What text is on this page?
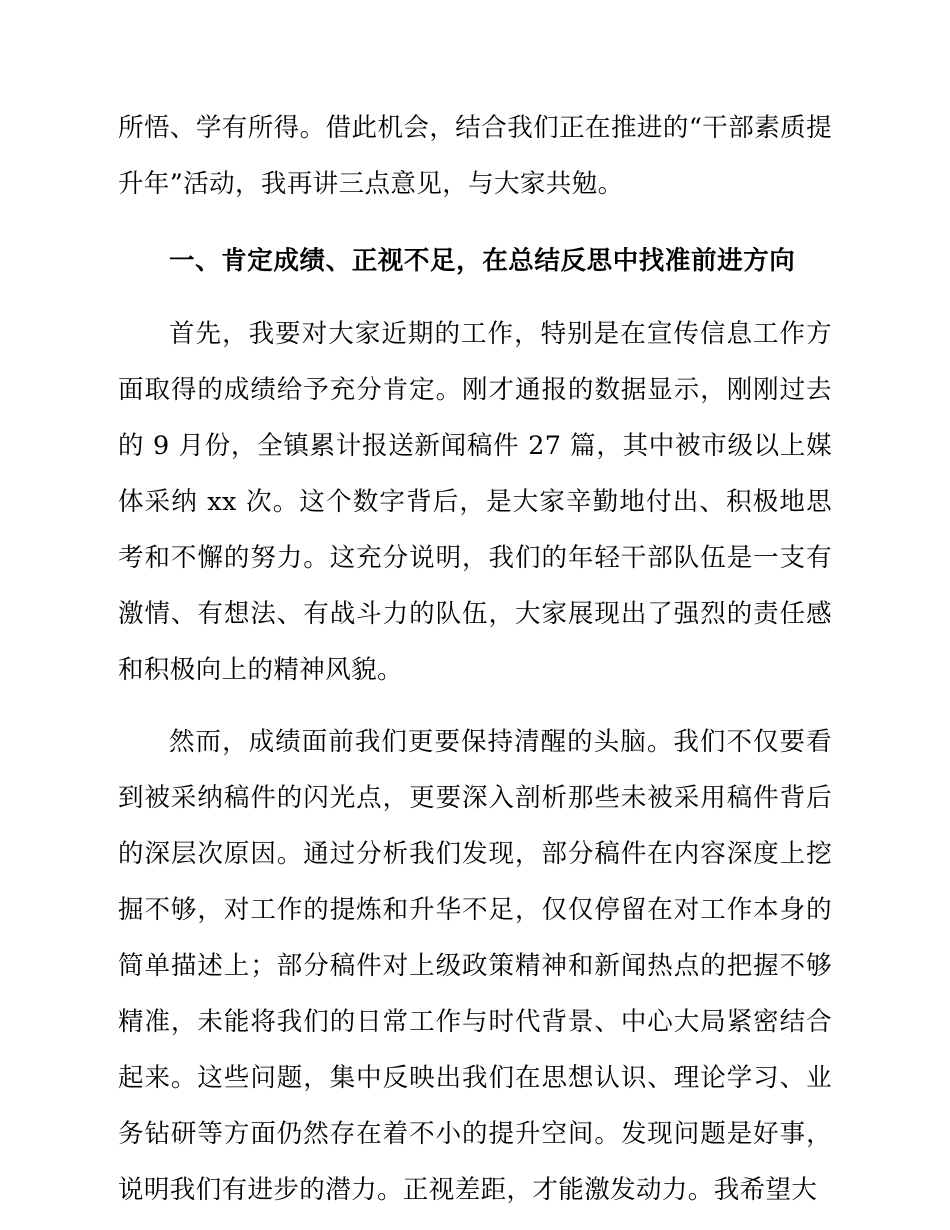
所悟、学有所得。借此机会，结合我们正在推进的“干部素质提升年”活动，我再讲三点意见，与大家共勉。

一、肯定成绩、正视不足，在总结反思中找准前进方向

首先，我要对大家近期的工作，特别是在宣传信息工作方面取得的成绩给予充分肯定。刚才通报的数据显示，刚刚过去的 9 月份，全镇累计报送新闻稿件 27 篇，其中被市级以上媒体采纳 xx 次。这个数字背后，是大家辛勤地付出、积极地思考和不懈的努力。这充分说明，我们的年轻干部队伍是一支有激情、有想法、有战斗力的队伍，大家展现出了强烈的责任感和积极向上的精神风貌。

然而，成绩面前我们更要保持清醒的头脑。我们不仅要看到被采纳稿件的闪光点，更要深入剖析那些未被采用稿件背后的深层次原因。通过分析我们发现，部分稿件在内容深度上挖掘不够，对工作的提炼和升华不足，仅仅停留在对工作本身的简单描述上；部分稿件对上级政策精神和新闻热点的把握不够精准，未能将我们的日常工作与时代背景、中心大局紧密结合起来。这些问题，集中反映出我们在思想认识、理论学习、业务钻研等方面仍然存在着不小的提升空间。发现问题是好事，说明我们有进步的潜力。正视差距，才能激发动力。我希望大
